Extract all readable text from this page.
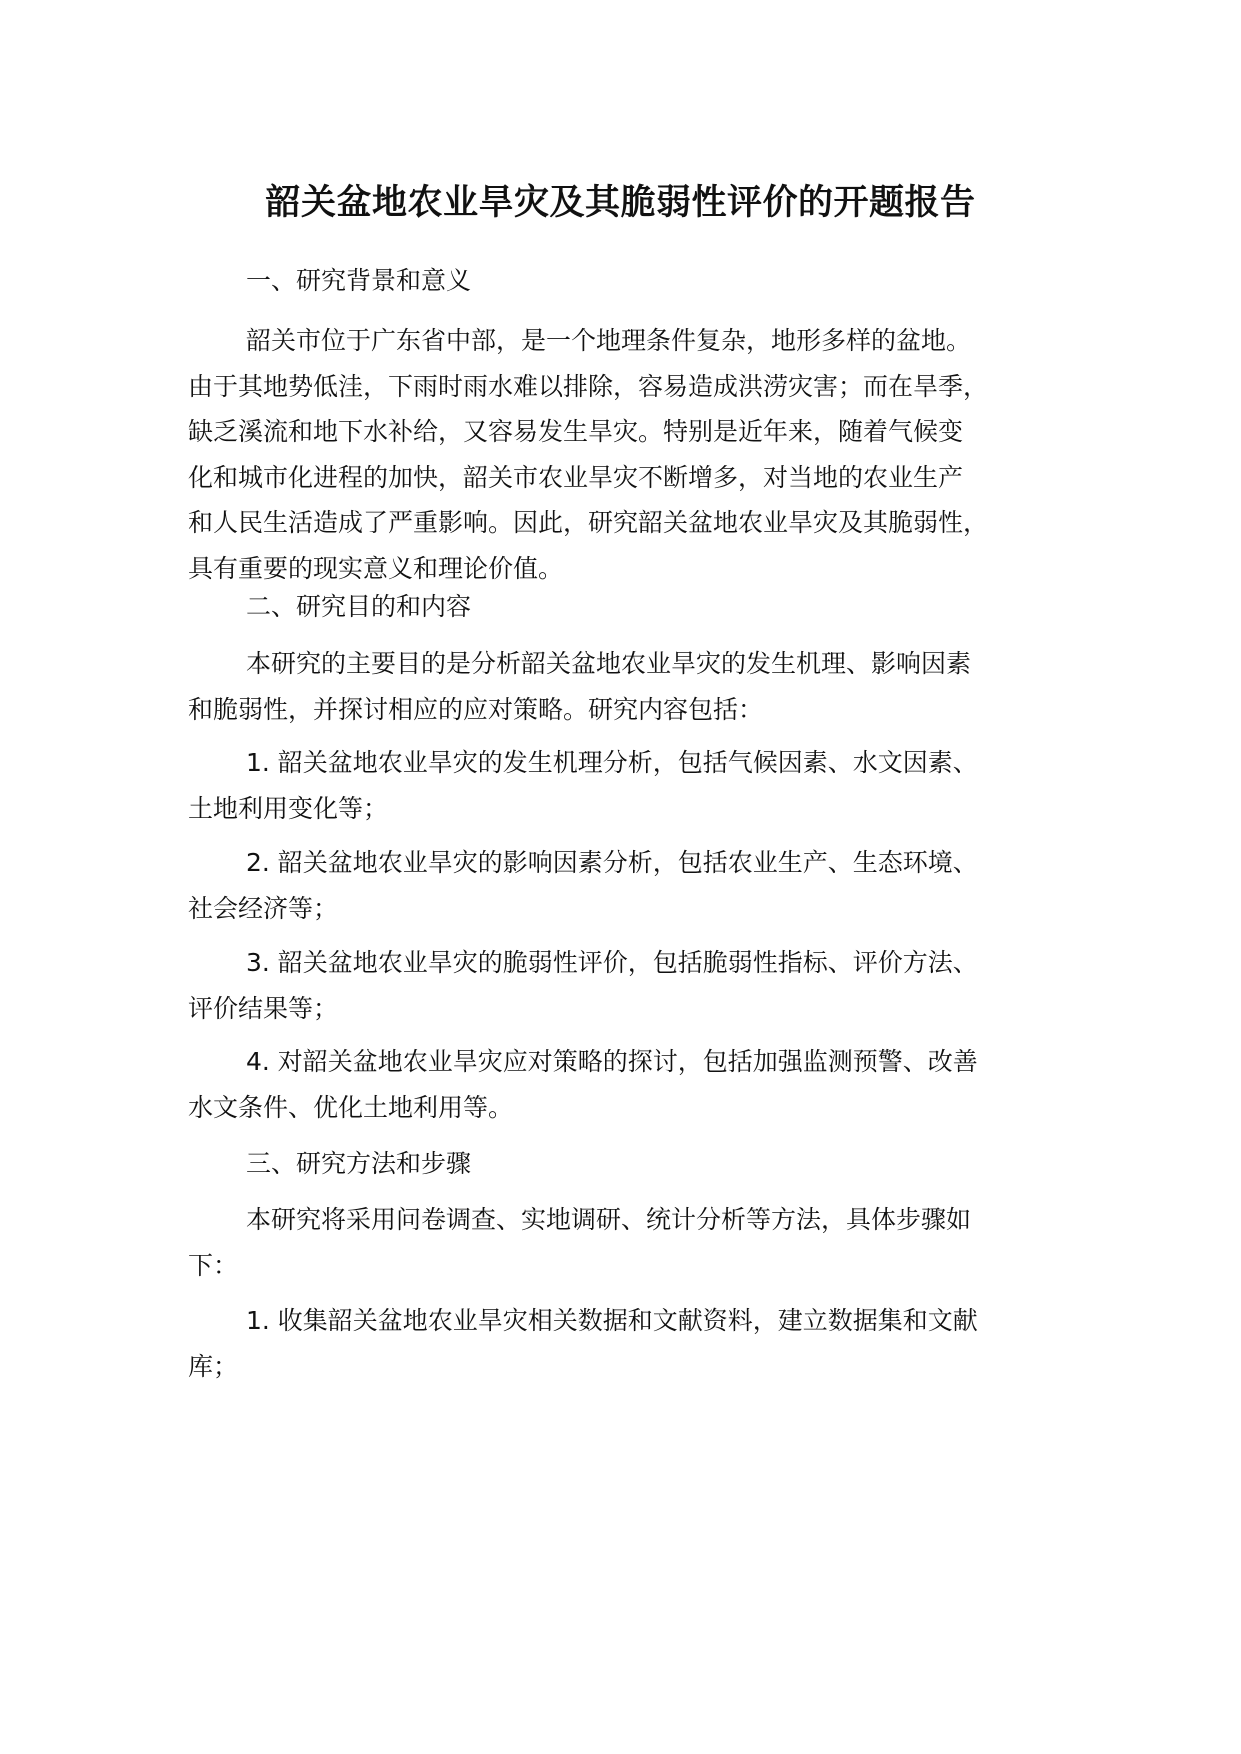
韶关盆地农业旱灾及其脆弱性评价的开题报告
一、研究背景和意义

韶关市位于广东省中部，是一个地理条件复杂，地形多样的盆地。
由于其地势低洼，下雨时雨水难以排除，容易造成洪涝灾害；而在旱季，
缺乏溪流和地下水补给，又容易发生旱灾。特别是近年来，随着气候变
化和城市化进程的加快，韶关市农业旱灾不断增多，对当地的农业生产
和人民生活造成了严重影响。因此，研究韶关盆地农业旱灾及其脆弱性，
具有重要的现实意义和理论价值。

二、研究目的和内容

本研究的主要目的是分析韶关盆地农业旱灾的发生机理、影响因素
和脆弱性，并探讨相应的应对策略。研究内容包括：

1. 韶关盆地农业旱灾的发生机理分析，包括气候因素、水文因素、
土地利用变化等；

2. 韶关盆地农业旱灾的影响因素分析，包括农业生产、生态环境、
社会经济等；

3. 韶关盆地农业旱灾的脆弱性评价，包括脆弱性指标、评价方法、
评价结果等；

4. 对韶关盆地农业旱灾应对策略的探讨，包括加强监测预警、改善
水文条件、优化土地利用等。

三、研究方法和步骤

本研究将采用问卷调查、实地调研、统计分析等方法，具体步骤如
下：

1. 收集韶关盆地农业旱灾相关数据和文献资料，建立数据集和文献
库；
